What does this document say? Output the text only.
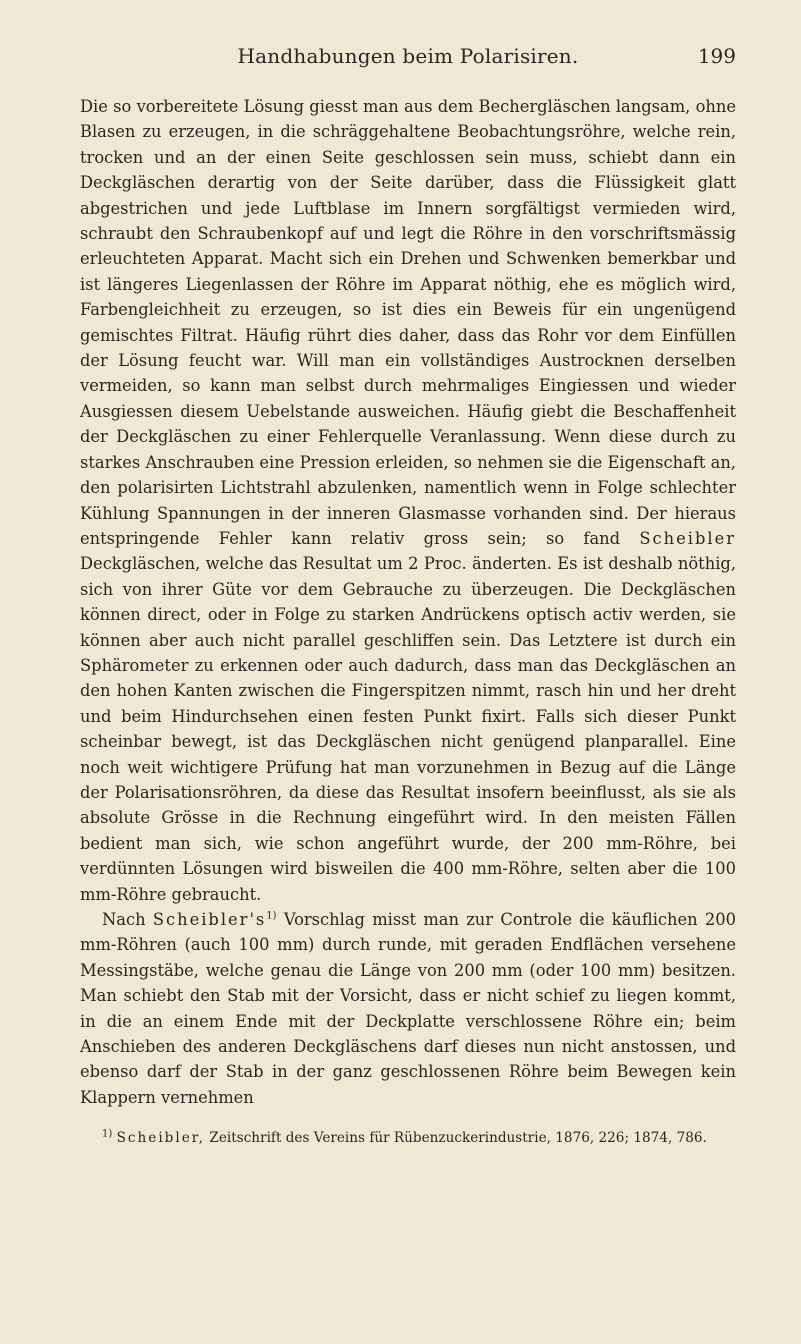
Handhabungen beim Polarisiren.	199

Die so vorbereitete Lösung giesst man aus dem Bechergläschen langsam, ohne Blasen zu erzeugen, in die schräggehaltene Beobachtungsröhre, welche rein, trocken und an der einen Seite geschlossen sein muss, schiebt dann ein Deckgläschen derartig von der Seite darüber, dass die Flüssigkeit glatt abgestrichen und jede Luftblase im Innern sorgfältigst vermieden wird, schraubt den Schraubenkopf auf und legt die Röhre in den vorschriftsmässig erleuchteten Apparat. Macht sich ein Drehen und Schwenken bemerkbar und ist längeres Liegenlassen der Röhre im Apparat nöthig, ehe es möglich wird, Farbengleichheit zu erzeugen, so ist dies ein Beweis für ein ungenügend gemischtes Filtrat. Häufig rührt dies daher, dass das Rohr vor dem Einfüllen der Lösung feucht war. Will man ein vollständiges Austrocknen derselben vermeiden, so kann man selbst durch mehrmaliges Eingiessen und wieder Ausgiessen diesem Uebelstande ausweichen. Häufig giebt die Beschaffenheit der Deckgläschen zu einer Fehlerquelle Veranlassung. Wenn diese durch zu starkes Anschrauben eine Pression erleiden, so nehmen sie die Eigenschaft an, den polarisirten Lichtstrahl abzulenken, namentlich wenn in Folge schlechter Kühlung Spannungen in der inneren Glasmasse vorhanden sind. Der hieraus entspringende Fehler kann relativ gross sein; so fand Scheibler Deckgläschen, welche das Resultat um 2 Proc. änderten. Es ist deshalb nöthig, sich von ihrer Güte vor dem Gebrauche zu überzeugen. Die Deckgläschen können direct, oder in Folge zu starken Andrückens optisch activ werden, sie können aber auch nicht parallel geschliffen sein. Das Letztere ist durch ein Sphärometer zu erkennen oder auch dadurch, dass man das Deckgläschen an den hohen Kanten zwischen die Fingerspitzen nimmt, rasch hin und her dreht und beim Hindurchsehen einen festen Punkt fixirt. Falls sich dieser Punkt scheinbar bewegt, ist das Deckgläschen nicht genügend planparallel. Eine noch weit wichtigere Prüfung hat man vorzunehmen in Bezug auf die Länge der Polarisationsröhren, da diese das Resultat insofern beeinflusst, als sie als absolute Grösse in die Rechnung eingeführt wird. In den meisten Fällen bedient man sich, wie schon angeführt wurde, der 200 mm-Röhre, bei verdünnten Lösungen wird bisweilen die 400 mm-Röhre, selten aber die 100 mm-Röhre gebraucht.

Nach $Scheibler's^{1)}$ Vorschlag misst man zur Controle die käuflichen 200 mm-Röhren (auch 100 mm) durch runde, mit geraden Endflächen versehene Messingstäbe, welche genau die Länge von 200 mm (oder 100 mm) besitzen. Man schiebt den Stab mit der Vorsicht, dass er nicht schief zu liegen kommt, in die an einem Ende mit der Deckplatte verschlossene Röhre ein; beim Anschieben des anderen Deckgläschens darf dieses nun nicht anstossen, und ebenso darf der Stab in der ganz geschlossenen Röhre beim Bewegen kein Klappern vernehmen

$^{1)}$ Scheibler, Zeitschrift des Vereins für Rübenzuckerindustrie, 1876, 226; 1874, 786.
